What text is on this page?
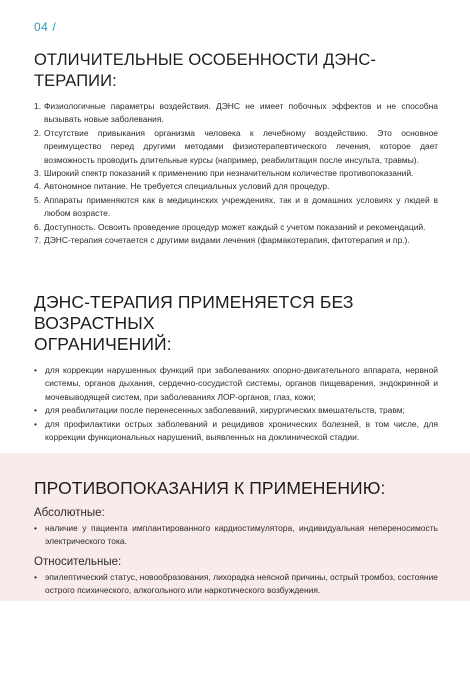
04 /
ОТЛИЧИТЕЛЬНЫЕ ОСОБЕННОСТИ ДЭНС-ТЕРАПИИ:
1. Физиологичные параметры воздействия. ДЭНС не имеет побочных эффектов и не способна вызывать новые заболевания.
2. Отсутствие привыкания организма человека к лечебному воздействию. Это основное преимущество перед другими методами физиотерапевтического лечения, которое дает возможность проводить длительные курсы (например, реабилитация после инсульта, травмы).
3. Широкий спектр показаний к применению при незначительном количестве противопоказаний.
4. Автономное питание. Не требуется специальных условий для процедур.
5. Аппараты применяются как в медицинских учреждениях, так и в домашних условиях у людей в любом возрасте.
6. Доступность. Освоить проведение процедур может каждый с учетом показаний и рекомендаций.
7. ДЭНС-терапия сочетается с другими видами лечения (фармакотерапия, фитотерапия и пр.).
ДЭНС-ТЕРАПИЯ ПРИМЕНЯЕТСЯ БЕЗ ВОЗРАСТНЫХ
ОГРАНИЧЕНИЙ:
• для коррекции нарушенных функций при заболеваниях опорно-двигательного аппарата, нервной системы, органов дыхания, сердечно-сосудистой системы, органов пищеварения, эндокринной и мочевыводящей систем, при заболеваниях ЛОР-органов, глаз, кожи;
• для реабилитации после перенесенных заболеваний, хирургических вмешательств, травм;
• для профилактики острых заболеваний и рецидивов хронических болезней, в том числе, для коррекции функциональных нарушений, выявленных на доклинической стадии.
ПРОТИВОПОКАЗАНИЯ К ПРИМЕНЕНИЮ:
Абсолютные:
• наличие у пациента имплантированного кардиостимулятора, индивидуальная непереносимость электрического тока.
Относительные:
• эпилептический статус, новообразования, лихорадка неясной причины, острый тромбоз, состояние острого психического, алкогольного или наркотического возбуждения.
